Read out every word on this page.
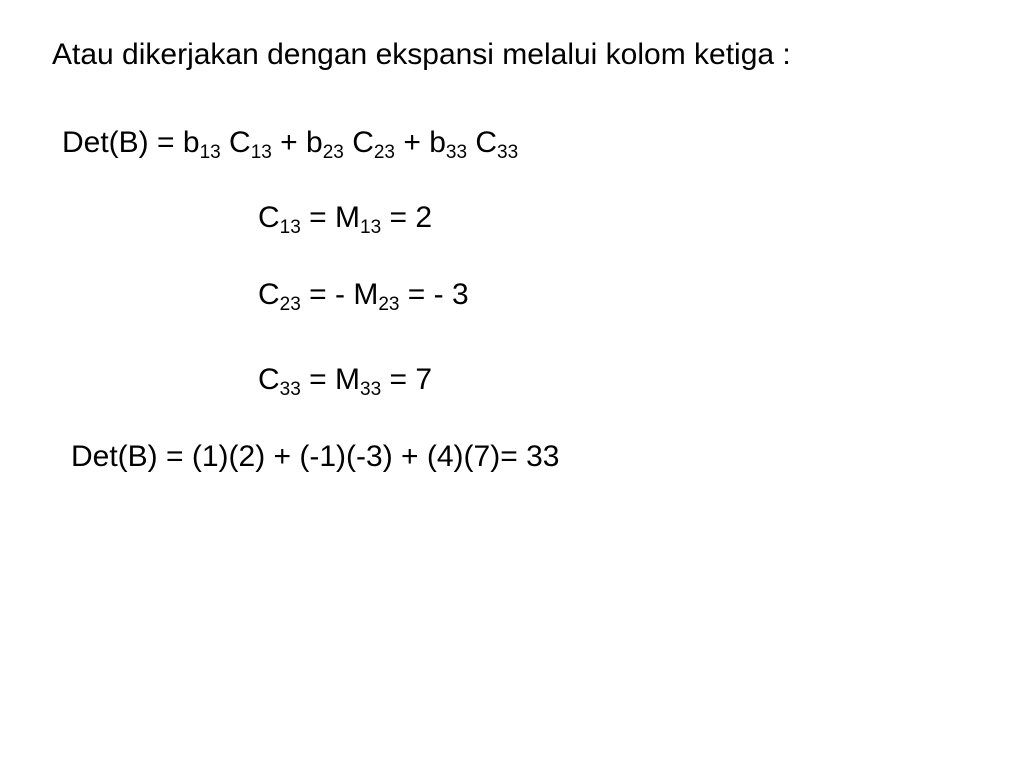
Atau dikerjakan dengan ekspansi melalui kolom ketiga :

$Det(B) = b_{13}$ $C_{13} + b_{23}$ $C_{23} + b_{33}$ $C_{33}$

$C_{13} = M_{13} = 2$

$C_{23}$ = - $M_{23}$ = - 3

$C_{33} = M_{33} = 7$

Det(B) = (1)(2) + (-1)(-3) + (4)(7)= 33
